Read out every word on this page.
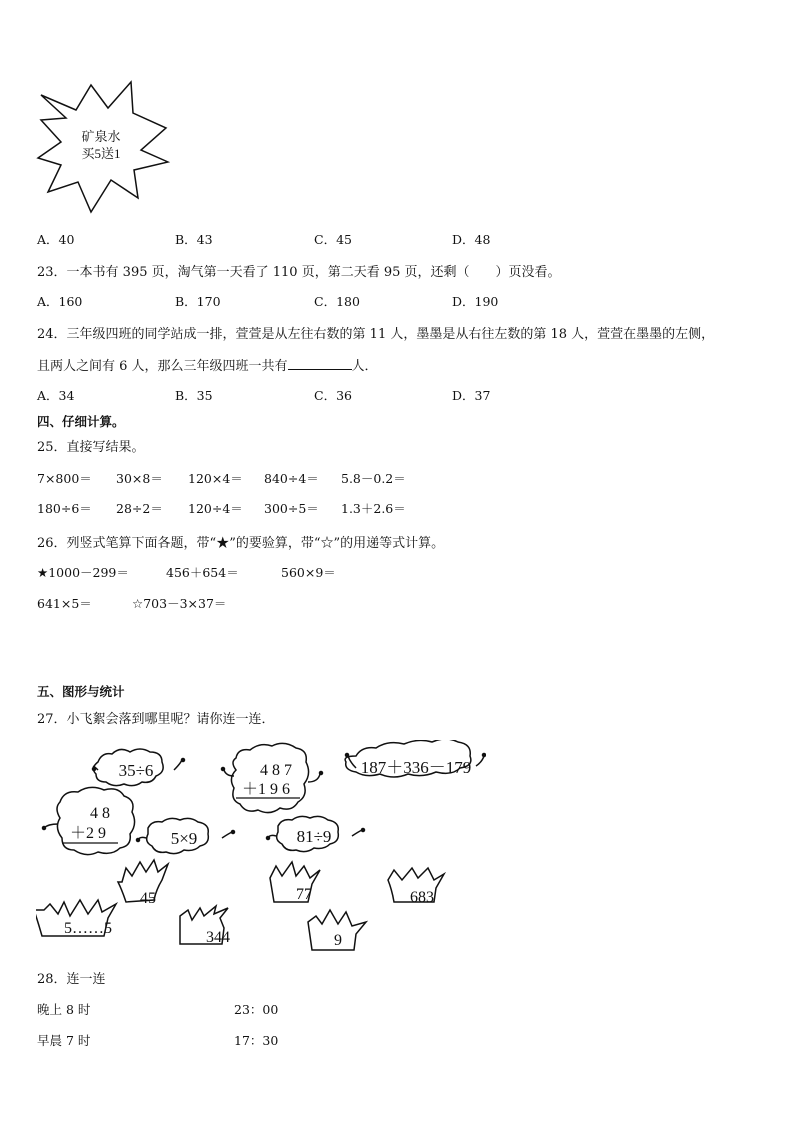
矿泉水
买5送1
A．40	B．43	C．45	D．48
23．一本书有 395 页，淘气第一天看了 110 页，第二天看 95 页，还剩（　　）页没看。
A．160	B．170	C．180	D．190
24．三年级四班的同学站成一排，萱萱是从左往右数的第 11 人，墨墨是从右往左数的第 18 人，萱萱在墨墨的左侧，
且两人之间有 6 人，那么三年级四班一共有	人．
A．34	B．35	C．36	D．37
四、仔细计算。
25．直接写结果。
7×800＝ 30×8＝ 120×4＝ 840÷4＝ 5.8－0.2＝
180÷6＝ 28÷2＝ 120÷4＝ 300÷5＝ 1.3＋2.6＝
26．列竖式笔算下面各题，带“★”的要验算，带“☆”的用递等式计算。
★1000－299＝	456＋654＝	560×9＝
641×5＝	☆703－3×37＝
五、图形与统计
27．小飞絮会落到哪里呢？请你连一连．
35÷6	4 8 7
＋1 9 6
187＋336－179
4 8
＋2 9	5×9	81÷9
45	77	683
5……5
344	9
28．连一连
晚上 8 时	23：00
早晨 7 时	17：30
